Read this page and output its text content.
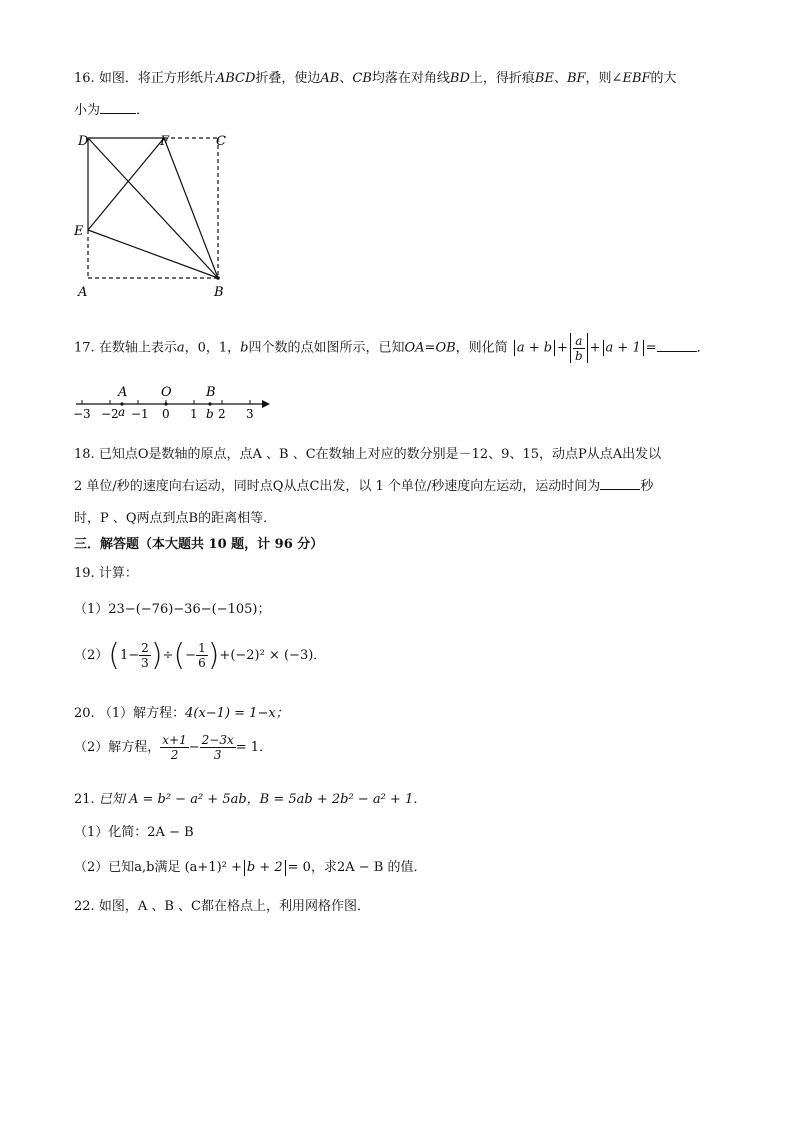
16. 如图．将正方形纸片ABCD折叠，使边AB、CB均落在对角线BD上，得折痕BE、BF，则∠EBF的大
小为	．
D	F	C
E
A	B
17. 在数轴上表示a，0，1，b四个数的点如图所示，已知OA=OB，则化简 $a + b + \frac{a}{b} + a + 1$ =	．
A	O	B
−3 −2 a −1 0 1 b 2 3
18. 已知点O是数轴的原点，点A 、B 、C在数轴上对应的数分别是－12、9、15，动点P从点A出发以
2 单位/秒的速度向右运动，同时点Q从点C出发，以 1 个单位/秒速度向左运动，运动时间为	秒
时，P 、Q两点到点B的距离相等．
三．解答题（本大题共 10 题，计 96 分）
19. 计算：
（1）23−(−76)−36−(−105)；
$(2)(1- \frac{2}{3}$ )÷(− $\frac{1}{6} )+(-2)^2 \times (-3)$．
20. （1）解方程：4(x−1) = 1−x；
（2）解方程， $\frac{x+1}{2} - \frac{2-3x}{3} = 1$．
21. 已知 A = b² − a² + 5ab，B = 5ab + 2b² − a² + 1．
（1）化简：2A − B
（2）已知a,b满足 (a+1)² + b + 2 = 0，求2A − B 的值．
22. 如图，A 、B 、C都在格点上，利用网格作图．
